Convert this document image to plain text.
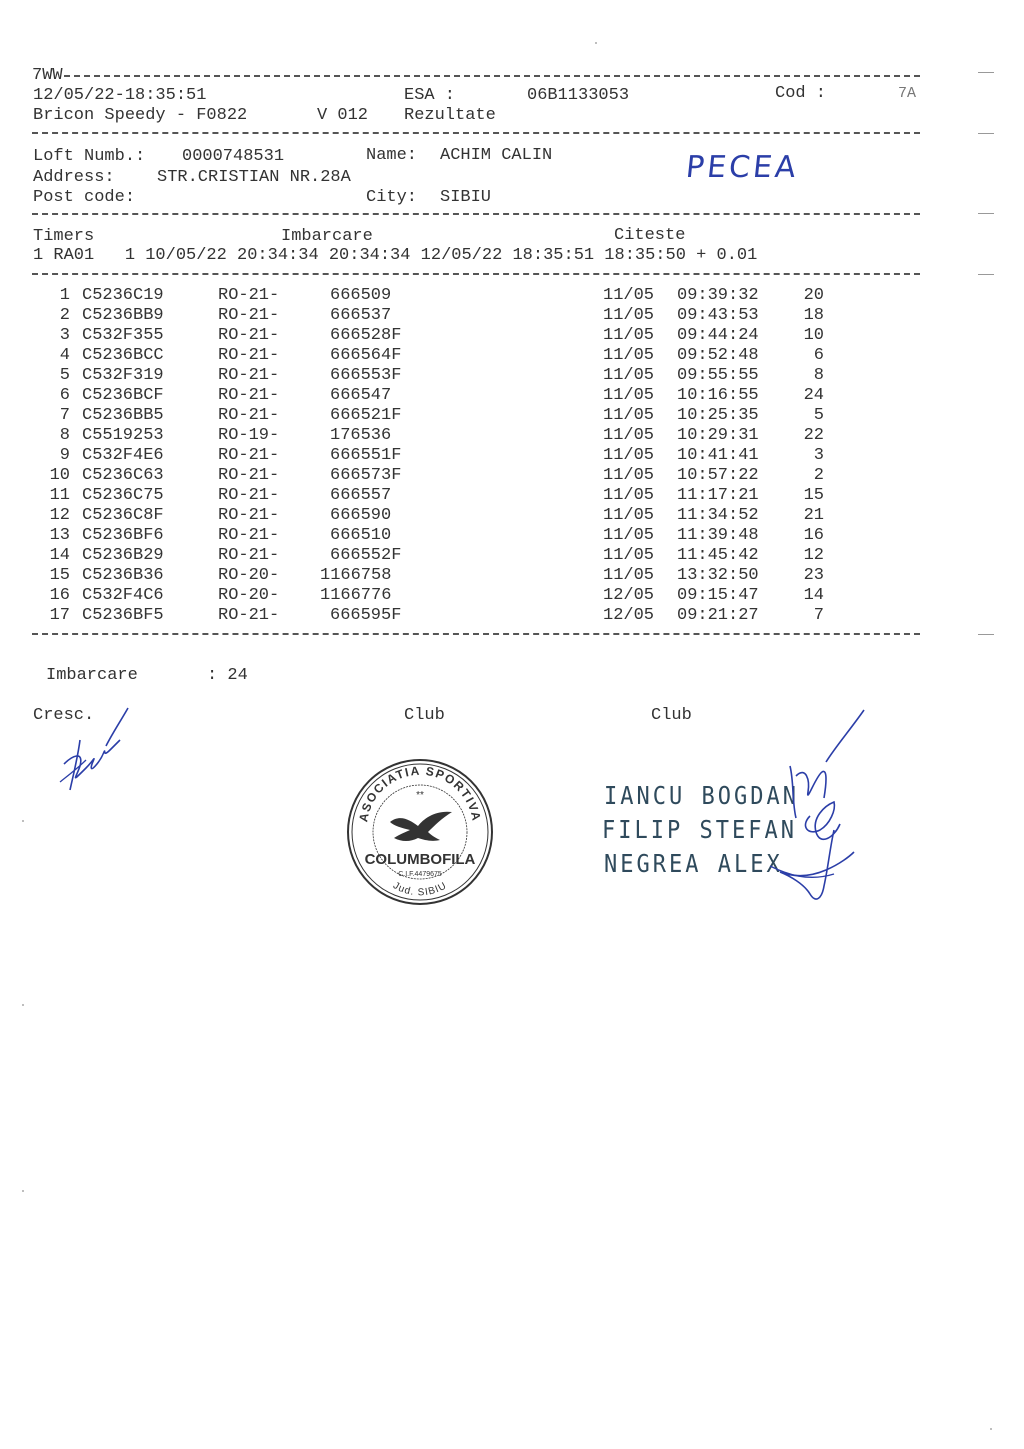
7WW
12/05/22-18:35:51	ESA :	06B1133053	Cod :	7A
Bricon Speedy - F0822	V 012 Rezultate
Loft Numb.: 0000748531	Name: ACHIM CALIN	PECEA
Address: STR.CRISTIAN NR.28A
Post code:	City: SIBIU
Timers	Imbarcare	Citeste
1 RA01   1 10/05/22 20:34:34 20:34:34 12/05/22 18:35:51 18:35:50 + 0.01
1 C5236C19	RO-21-	666509	11/05 09:39:32	20
2 C5236BB9	RO-21-	666537	11/05 09:43:53	18
3 C532F355	RO-21-	666528F	11/05 09:44:24	10
4 C5236BCC	RO-21-	666564F	11/05 09:52:48	6
5 C532F319	RO-21-	666553F	11/05 09:55:55	8
6 C5236BCF	RO-21-	666547	11/05 10:16:55	24
7 C5236BB5	RO-21-	666521F	11/05 10:25:35	5
8 C5519253	RO-19-	176536	11/05 10:29:31	22
9 C532F4E6	RO-21-	666551F	11/05 10:41:41	3
10 C5236C63	RO-21-	666573F	11/05 10:57:22	2
11 C5236C75	RO-21-	666557	11/05 11:17:21	15
12 C5236C8F	RO-21-	666590	11/05 11:34:52	21
13 C5236BF6	RO-21-	666510	11/05 11:39:48	16
14 C5236B29	RO-21-	666552F	11/05 11:45:42	12
15 C5236B36	RO-20- 1166758	11/05 13:32:50	23
16 C532F4C6	RO-20- 1166776	12/05 09:15:47	14
17 C5236BF5	RO-21-	666595F	12/05 09:21:27	7
Imbarcare	: 24
Cresc.	Club	Club
ASOCIATIA SPORTIVA
**
COLUMBOFILA
C.I.F.4479675
Jud. SIBIU
IANCU BOGDAN
FILIP STEFAN
NEGREA ALEX
